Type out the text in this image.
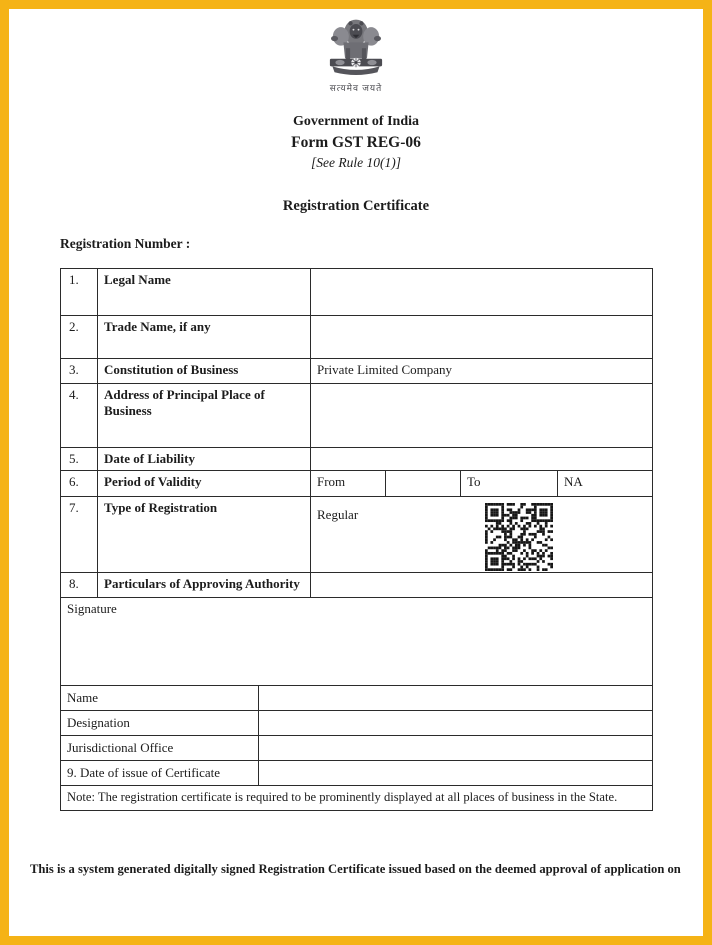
सत्यमेव जयते
Government of India
Form GST REG-06
[See Rule 10(1)]
Registration Certificate
Registration Number :
1.	Legal Name				
2.	Trade Name, if any				
3.	Constitution of Business	Private Limited Company			
4.	Address of Principal Place of Business				
5.	Date of Liability				
6.	Period of Validity	From		To	NA
7.	Type of Registration	Regular			

8.	Particulars of Approving Authority				
Signature	
Name	
Designation	
Jurisdictional Office	
9. Date of issue of Certificate	
Note: The registration certificate is required to be prominently displayed at all places of business in the State.	
This is a system generated digitally signed Registration Certificate issued based on the deemed approval of application on
